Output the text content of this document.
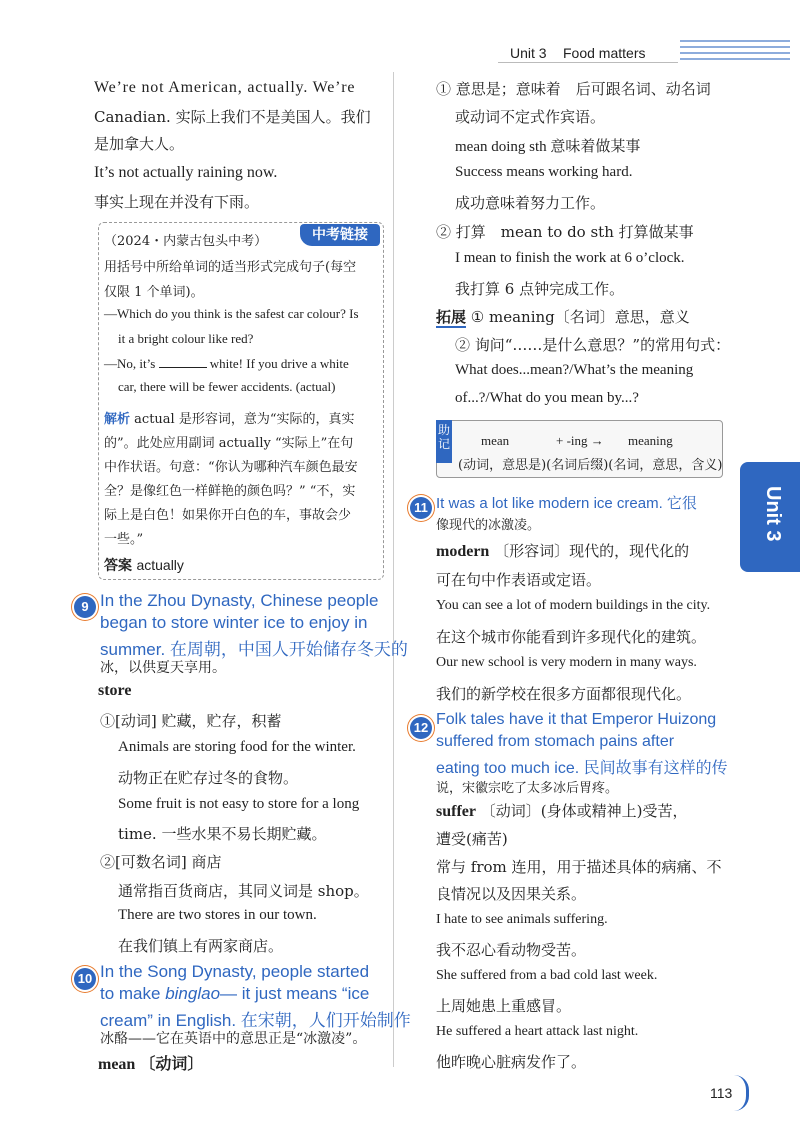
Unit 3 Food matters
Unit 3
We’re not American, actually. We’re
Canadian. 实际上我们不是美国人。我们
是加拿大人。
It’s not actually raining now.
事实上现在并没有下雨。
中考链接
（2024・内蒙古包头中考）
用括号中所给单词的适当形式完成句子(每空
仅限 1 个单词)。
—Which do you think is the safest car colour? Is
it a bright colour like red?
—No, it’s	white! If you drive a white
car, there will be fewer accidents. (actual)
解析 actual 是形容词，意为“实际的，真实
的”。此处应用副词 actually “实际上”在句
中作状语。句意：“你认为哪种汽车颜色最安
全？是像红色一样鲜艳的颜色吗？” “不，实
际上是白色！如果你开白色的车，事故会少
一些。”
答案 actually
9 In the Zhou Dynasty, Chinese people
began to store winter ice to enjoy in
summer. 在周朝，中国人开始储存冬天的
冰，以供夏天享用。
store
①[动词] 贮藏，贮存，积蓄
Animals are storing food for the winter.
动物正在贮存过冬的食物。
Some fruit is not easy to store for a long
time. 一些水果不易长期贮藏。
②[可数名词] 商店
通常指百货商店，其同义词是 shop。
There are two stores in our town.
在我们镇上有两家商店。
10 In the Song Dynasty, people started
to make binglao— it just means “ice
cream” in English. 在宋朝，人们开始制作
冰酪——它在英语中的意思正是“冰激凌”。
mean 〔动词〕
① 意思是；意味着　后可跟名词、动名词
或动词不定式作宾语。
mean doing sth 意味着做某事
Success means working hard.
成功意味着努力工作。
② 打算　mean to do sth 打算做某事
I mean to finish the work at 6 o’clock.
我打算 6 点钟完成工作。
拓展 ① meaning〔名词〕意思，意义
② 询问“……是什么意思？”的常用句式：
What does...mean?/What’s the meaning
of...?/What do you mean by...?
助记 mean	+ -ing → meaning
(动词，意思是)(名词后缀)(名词，意思，含义)
11 It was a lot like modern ice cream. 它很
像现代的冰激凌。
modern 〔形容词〕现代的，现代化的
可在句中作表语或定语。
You can see a lot of modern buildings in the city.
在这个城市你能看到许多现代化的建筑。
Our new school is very modern in many ways.
我们的新学校在很多方面都很现代化。
12 Folk tales have it that Emperor Huizong
suffered from stomach pains after
eating too much ice. 民间故事有这样的传
说，宋徽宗吃了太多冰后胃疼。
suffer 〔动词〕(身体或精神上)受苦，
遭受(痛苦)
常与 from 连用，用于描述具体的病痛、不
良情况以及因果关系。
I hate to see animals suffering.
我不忍心看动物受苦。
She suffered from a bad cold last week.
上周她患上重感冒。
He suffered a heart attack last night.
他昨晚心脏病发作了。
113
